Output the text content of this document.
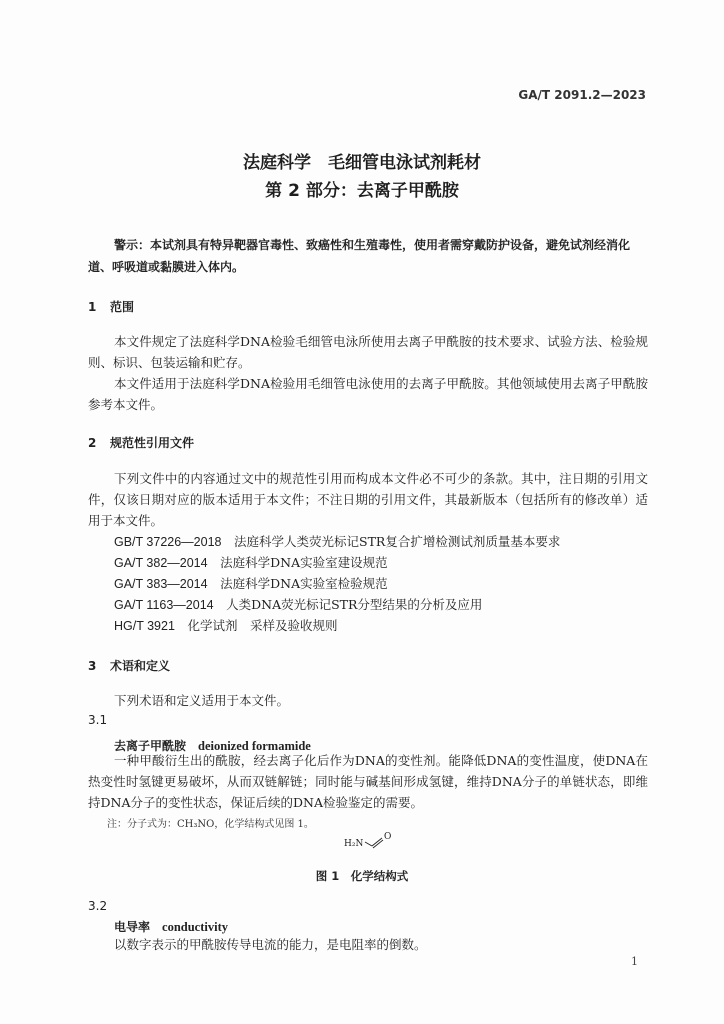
GA/T 2091.2—2023
法庭科学　毛细管电泳试剂耗材
第 2 部分：去离子甲酰胺

警示：本试剂具有特异靶器官毒性、致癌性和生殖毒性，使用者需穿戴防护设备，避免试剂经消化道、呼吸道或黏膜进入体内。

1 范围

本文件规定了法庭科学DNA检验毛细管电泳所使用去离子甲酰胺的技术要求、试验方法、检验规则、标识、包装运输和贮存。

本文件适用于法庭科学DNA检验用毛细管电泳使用的去离子甲酰胺。其他领域使用去离子甲酰胺参考本文件。

2 规范性引用文件

下列文件中的内容通过文中的规范性引用而构成本文件必不可少的条款。其中，注日期的引用文件，仅该日期对应的版本适用于本文件；不注日期的引用文件，其最新版本（包括所有的修改单）适用于本文件。

GB/T 37226—2018　 法庭科学人类荧光标记STR复合扩增检测试剂质量基本要求
GA/T 382—2014　 法庭科学DNA实验室建设规范
GA/T 383—2014　 法庭科学DNA实验室检验规范
GA/T 1163—2014　 人类DNA荧光标记STR分型结果的分析及应用
HG/T 3921　 化学试剂　采样及验收规则
3 术语和定义

下列术语和定义适用于本文件。

3.1
去离子甲酰胺 deionized formamide

一种甲酸衍生出的酰胺，经去离子化后作为DNA的变性剂。能降低DNA的变性温度，使DNA在热变性时氢键更易破坏，从而双链解链；同时能与碱基间形成氢键，维持DNA分子的单链状态，即维持DNA分子的变性状态，保证后续的DNA检验鉴定的需要。

注：分子式为：CH₃NO，化学结构式见图 1。
H₂N
O
图 1　化学结构式
3.2
电导率 conductivity

以数字表示的甲酰胺传导电流的能力，是电阻率的倒数。

1
